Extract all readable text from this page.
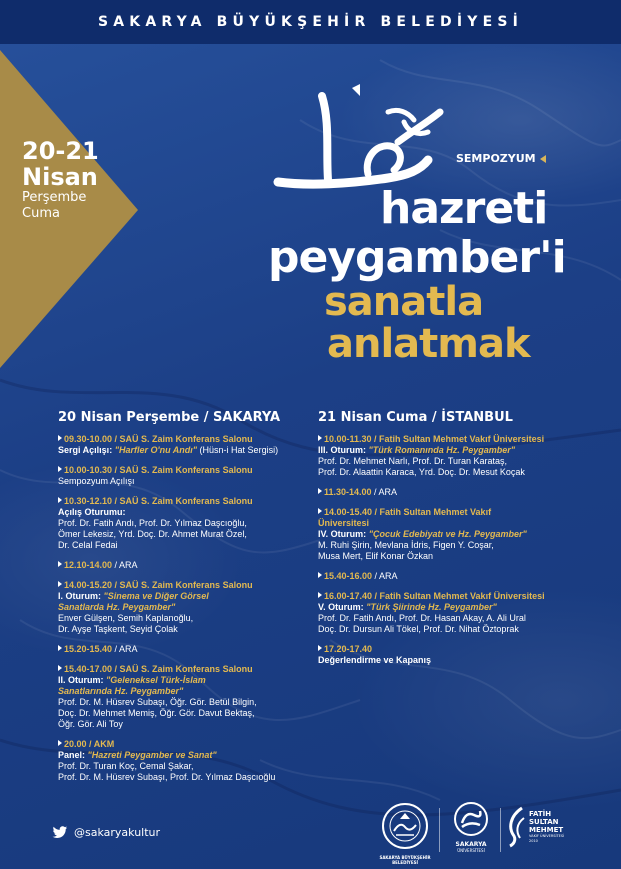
SAKARYA BÜYÜKŞEHİR BELEDİYESİ
20-21
Nisan
Perşembe
Cuma
SEMPOZYUM
hazreti
peygamber'i
sanatla
anlatmak
20 Nisan Perşembe / SAKARYA
09.30-10.00 / SAÜ S. Zaim Konferans Salonu
Sergi Açılışı: "Harfler O'nu Andı" (Hüsn-i Hat Sergisi)
10.00-10.30 / SAÜ S. Zaim Konferans Salonu
Sempozyum Açılışı
10.30-12.10 / SAÜ S. Zaim Konferans Salonu
Açılış Oturumu:
Prof. Dr. Fatih Andı, Prof. Dr. Yılmaz Daşcıoğlu,
Ömer Lekesiz, Yrd. Doç. Dr. Ahmet Murat Özel,
Dr. Celal Fedai
12.10-14.00 / ARA
14.00-15.20 / SAÜ S. Zaim Konferans Salonu
I. Oturum: "Sinema ve Diğer Görsel
Sanatlarda Hz. Peygamber"
Enver Gülşen, Semih Kaplanoğlu,
Dr. Ayşe Taşkent, Seyid Çolak
15.20-15.40 / ARA
15.40-17.00 / SAÜ S. Zaim Konferans Salonu
II. Oturum: "Geleneksel Türk-İslam
Sanatlarında Hz. Peygamber"
Prof. Dr. M. Hüsrev Subaşı, Öğr. Gör. Betül Bilgin,
Doç. Dr. Mehmet Memiş, Öğr. Gör. Davut Bektaş,
Öğr. Gör. Ali Toy
20.00 / AKM
Panel: "Hazreti Peygamber ve Sanat"
Prof. Dr. Turan Koç, Cemal Şakar,
Prof. Dr. M. Hüsrev Subaşı, Prof. Dr. Yılmaz Daşcıoğlu
21 Nisan Cuma / İSTANBUL
10.00-11.30 / Fatih Sultan Mehmet Vakıf Üniversitesi
III. Oturum: "Türk Romanında Hz. Peygamber"
Prof. Dr. Mehmet Narlı, Prof. Dr. Turan Karataş,
Prof. Dr. Alaattin Karaca, Yrd. Doç. Dr. Mesut Koçak
11.30-14.00 / ARA
14.00-15.40 / Fatih Sultan Mehmet Vakıf
Üniversitesi
IV. Oturum: "Çocuk Edebiyatı ve Hz. Peygamber"
M. Ruhi Şirin, Mevlana İdris, Figen Y. Coşar,
Musa Mert, Elif Konar Özkan
15.40-16.00 / ARA
16.00-17.40 / Fatih Sultan Mehmet Vakıf Üniversitesi
V. Oturum: "Türk Şiirinde Hz. Peygamber"
Prof. Dr. Fatih Andı, Prof. Dr. Hasan Akay, A. Ali Ural
Doç. Dr. Dursun Ali Tökel, Prof. Dr. Nihat Öztoprak
17.20-17.40
Değerlendirme ve Kapanış
@sakaryakultur
SAKARYA BÜYÜKŞEHİR BELEDİYESİ
SAKARYA
ÜNİVERSİTESİ
FATİH
SULTAN
MEHMET
VAKIF ÜNİVERSİTESİ
2010
